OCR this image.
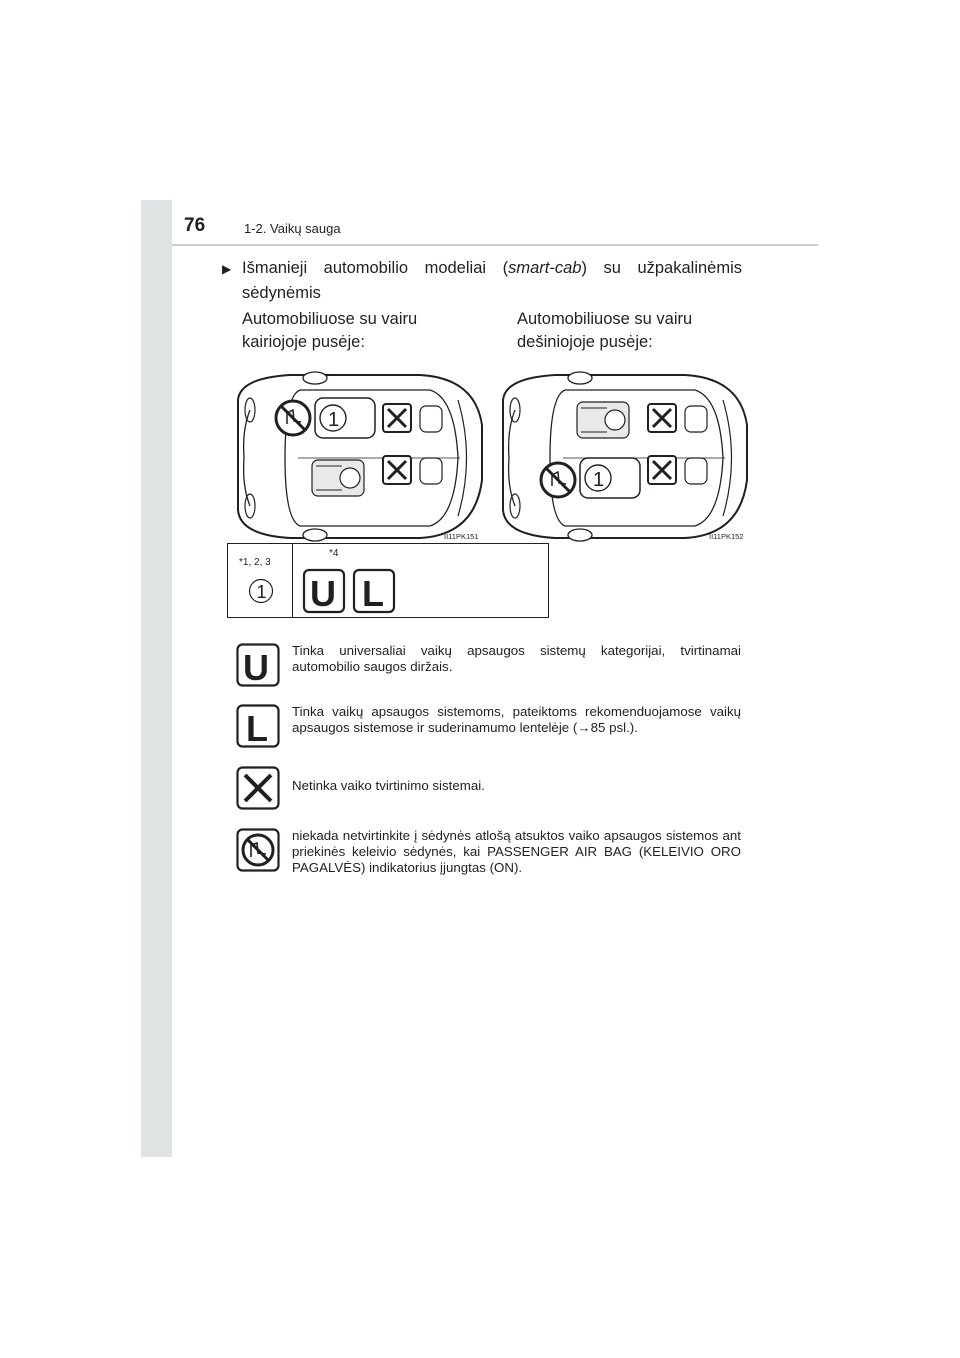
76	1-2. Vaikų sauga
▶ Išmanieji automobilio modeliai (smart-cab) su užpakalinėmis sėdynėmis
Automobiliuose su vairu kairiojoje pusėje:
Automobiliuose su vairu dešiniojoje pusėje:
1
1
II11PK151	II11PK152
*1, 2, 3
*4
1 U L
U Tinka universaliai vaikų apsaugos sistemų kategorijai, tvirtinamai automobilio saugos diržais.
L Tinka vaikų apsaugos sistemoms, pateiktoms rekomenduojamose vaikų apsaugos sistemose ir suderinamumo lentelėje (→85 psl.).
Netinka vaiko tvirtinimo sistemai.
niekada netvirtinkite į sėdynės atlošą atsuktos vaiko apsaugos sistemos ant priekinės keleivio sėdynės, kai PASSENGER AIR BAG (KELEIVIO ORO PAGALVĖS) indikatorius įjungtas (ON).
